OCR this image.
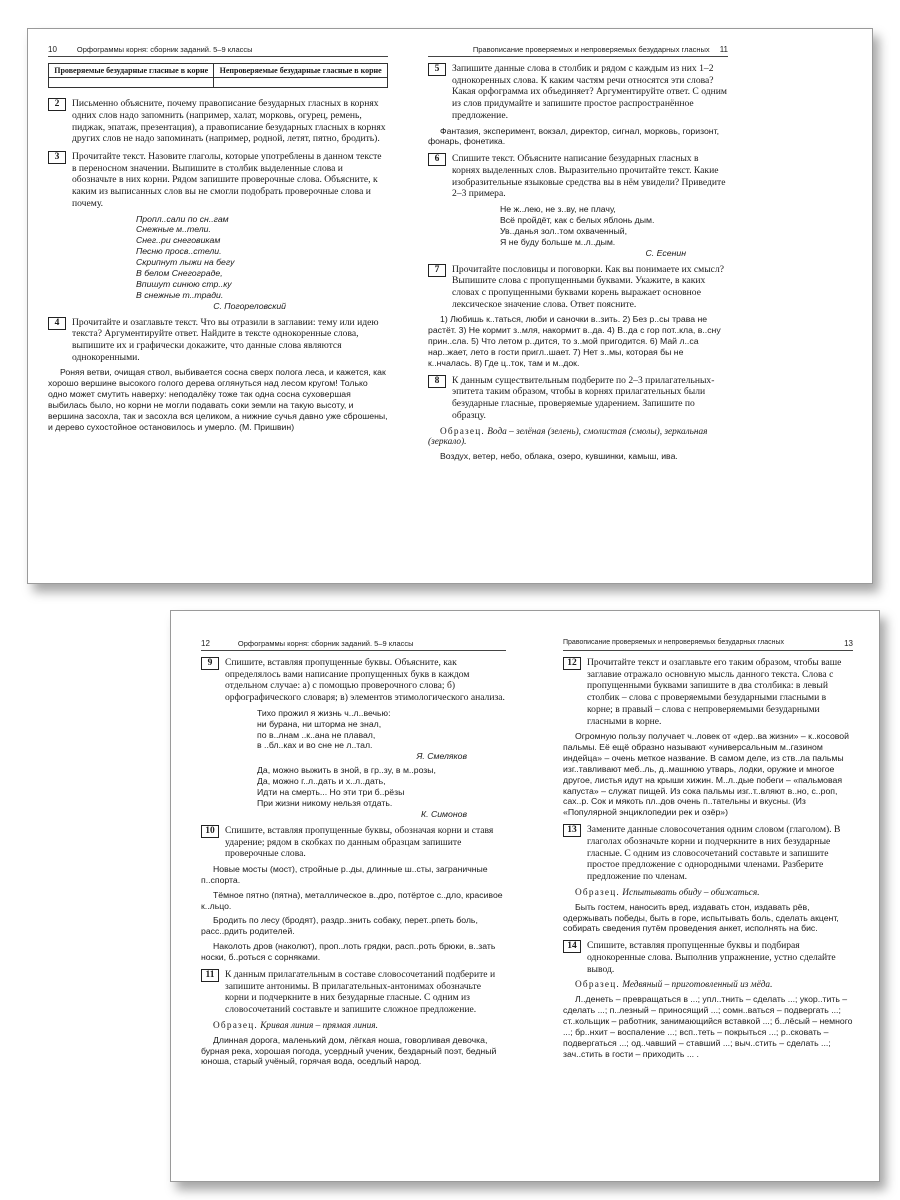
10	Орфограммы корня: сборник заданий. 5–9 классы
Проверяемые безударные гласные в корне	Непроверяемые безударные гласные в корне

2	Письменно объясните, почему правописание безударных гласных в корнях одних слов надо запомнить (например, халат, морковь, огурец, ремень, пиджак, эпатаж, презентация), а правописание безударных гласных в корнях других слов не надо запоминать (например, родной, летят, пятно, бродить).
3	Прочитайте текст. Назовите глаголы, которые употреблены в данном тексте в переносном значении. Выпишите в столбик выделенные слова и обозначьте в них корни. Рядом запишите проверочные слова. Объясните, к каким из выписанных слов вы не смогли подобрать проверочные слова и почему.
Пропл..сали по сн..гам
Снежные м..тели.
Снег..ри снеговикам
Песню просв..стели.
Скрипнут лыжи на бегу
В белом Снегограде,
Впишут синюю стр..ку
В снежные т..тради.
С. Погореловский
4	Прочитайте и озаглавьте текст. Что вы отразили в заглавии: тему или идею текста? Аргументируйте ответ. Найдите в тексте однокоренные слова, выпишите их и графически докажите, что данные слова являются однокоренными.
Роняя ветви, очищая ствол, выбивается сосна сверх полога леса, и кажется, как хорошо вершине высокого голого дерева оглянуться над лесом кругом! Только одно может смутить наверху: неподалёку тоже так одна сосна суховершая выбилась было, но корни не могли подавать соки земли на такую высоту, и вершина засохла, так и засохла вся целиком, а нижние сучья давно уже сброшены, и дерево сухостойное остановилось и умерло. (М. Пришвин)
Правописание проверяемых и непроверяемых безударных гласных 11
5	Запишите данные слова в столбик и рядом с каждым из них 1–2 однокоренных слова. К каким частям речи относятся эти слова? Какая орфограмма их объединяет? Аргументируйте ответ. С одним из слов придумайте и запишите простое распространённое предложение.
Фантазия, эксперимент, вокзал, директор, сигнал, морковь, горизонт, фонарь, фонетика.
6	Спишите текст. Объясните написание безударных гласных в корнях выделенных слов. Выразительно прочитайте текст. Какие изобразительные языковые средства вы в нём увидели? Приведите 2–3 примера.
Не ж..лею, не з..ву, не плачу,
Всё пройдёт, как с белых яблонь дым.
Ув..данья зол..том охваченный,
Я не буду больше м..л..дым.
С. Есенин
7	Прочитайте пословицы и поговорки. Как вы понимаете их смысл? Выпишите слова с пропущенными буквами. Укажите, в каких словах с пропущенными буквами корень выражает основное лексическое значение слова. Ответ поясните.
1) Любишь к..таться, люби и саночки в..зить. 2) Без р..сы трава не растёт. 3) Не кормит з..мля, накормит в..да. 4) В..да с гор пот..кла, в..сну прин..сла. 5) Что летом р..дится, то з..мой пригодится. 6) Май л..са нар..жает, лето в гости пригл..шает. 7) Нет з..мы, которая бы не к..нчалась. 8) Где ц..ток, там и м..док.
8	К данным существительным подберите по 2–3 прилагательных-эпитета таким образом, чтобы в корнях прилагательных были безударные гласные, проверяемые ударением. Запишите по образцу.
Образец. Вода – зелёная (зелень), смолистая (смолы), зеркальная (зеркало).
Воздух, ветер, небо, облака, озеро, кувшинки, камыш, ива.
12	Орфограммы корня: сборник заданий. 5–9 классы
9	Спишите, вставляя пропущенные буквы. Объясните, как определялось вами написание пропущенных букв в каждом отдельном случае: а) с помощью проверочного слова; б) орфографического словаря; в) элементов этимологического анализа.
Тихо прожил я жизнь ч..л..вечью:
ни бурана, ни шторма не знал,
по в..лнам ..к..ана не плавал,
в ..бл..ках и во сне не л..тал.
Я. Смеляков
Да, можно выжить в зной, в гр..зу, в м..розы,
Да, можно г..л..дать и х..л..дать,
Идти на смерть... Но эти три б..рёзы
При жизни никому нельзя отдать.
К. Симонов
10	Спишите, вставляя пропущенные буквы, обозначая корни и ставя ударение; рядом в скобках по данным образцам запишите проверочные слова.
Новые мосты (мост), стройные р..ды, длинные ш..сты, заграничные п..спорта.
Тёмное пятно (пятна), металлическое в..дро, потёртое с..дло, красивое к..льцо.
Бродить по лесу (бродят), раздр..знить собаку, перет..рпеть боль, расс..рдить родителей.
Наколоть дров (наколют), проп..лоть грядки, расп..роть брюки, в..зать носки, б..роться с сорняками.
11	К данным прилагательным в составе словосочетаний подберите и запишите антонимы. В прилагательных-антонимах обозначьте корни и подчеркните в них безударные гласные. С одним из словосочетаний составьте и запишите сложное предложение.
Образец. Кривая линия – прямая линия.
Длинная дорога, маленький дом, лёгкая ноша, говорливая девочка, бурная река, хорошая погода, усердный ученик, бездарный поэт, бедный юноша, старый учёный, горячая вода, оседлый народ.
Правописание проверяемых и непроверяемых безударных гласных	13
12	Прочитайте текст и озаглавьте его таким образом, чтобы ваше заглавие отражало основную мысль данного текста. Слова с пропущенными буквами запишите в два столбика: в левый столбик – слова с проверяемыми безударными гласными в корне; в правый – слова с непроверяемыми безударными гласными в корне.
Огромную пользу получает ч..ловек от «дер..ва жизни» – к..косовой пальмы. Её ещё образно называют «универсальным м..газином индейца» – очень меткое название. В самом деле, из ств..ла пальмы изг..тавливают меб..ль, д..машнюю утварь, лодки, оружие и многое другое, листья идут на крыши хижин. М..л..дые побеги – «пальмовая капуста» – служат пищей. Из сока пальмы изг..т..вляют в..но, с..роп, сах..р. Сок и мякоть пл..дов очень п..тательны и вкусны. (Из «Популярной энциклопедии рек и озёр»)
13	Замените данные словосочетания одним словом (глаголом). В глаголах обозначьте корни и подчеркните в них безударные гласные. С одним из словосочетаний составьте и запишите простое предложение с однородными членами. Разберите предложение по членам.
Образец. Испытывать обиду – обижаться.
Быть гостем, наносить вред, издавать стон, издавать рёв, одержывать победы, быть в горе, испытывать боль, сделать акцент, собирать сведения путём проведения анкет, исполнять на бис.
14	Спишите, вставляя пропущенные буквы и подбирая однокоренные слова. Выполнив упражнение, устно сделайте вывод.
Образец. Медвяный – приготовленный из мёда.
Л..денеть – превращаться в ...; упл..тнить – сделать ...; укор..тить – сделать ...; п..лезный – приносящий ...; сомн..ваться – подвергать ...; ст..кольщик – работник, занимающийся вставкой ...; б..лёсый – немного ...; бр..нхит – воспаление ...; всп..теть – покрыться ...; р..сковать – подвергаться ...; од..чавший – ставший ...; выч..стить – сделать ...; зач..стить в гости – приходить ... .
